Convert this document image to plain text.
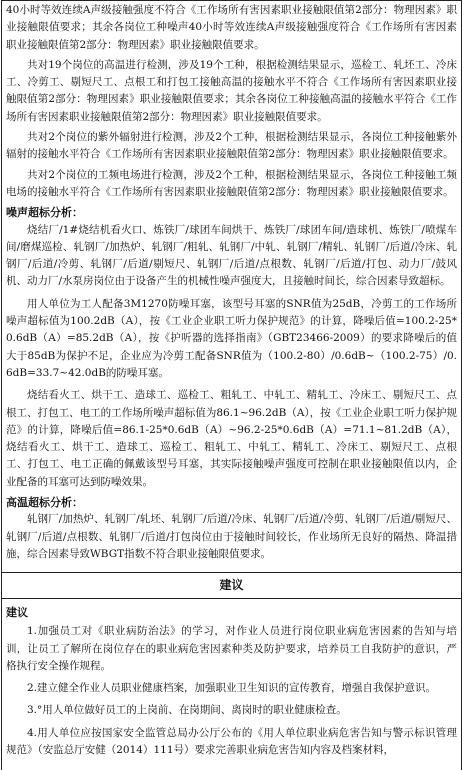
40小时等效连续A声级接触强度不符合《工作场所有害因素职业接触限值第2部分：物理因素》职业接触限值要求；其余各岗位工种噪声40小时等效连续A声级接触强度符合《工作场所有害因素职业接触限值第2部分：物理因素》职业接触限值要求。

共对19个岗位的高温进行检测，涉及19个工种，根据检测结果显示，巡检工、轧坯工、冷床工、冷剪工、剔短尺工、点根工和打包工接触高温的接触水平不符合《工作场所有害因素职业接触限值第2部分：物理因素》职业接触限值要求；其余各岗位工种接触高温的接触水平符合《工作场所有害因素职业接触限值第2部分：物理因素》职业接触限值要求。

共对2个岗位的紫外辐射进行检测，涉及2个工种，根据检测结果显示，各岗位工种接触紫外辐射的接触水平符合《工作场所有害因素职业接触限值第2部分：物理因素》职业接触限值要求。

共对2个岗位的工频电场进行检测，涉及2个工种，根据检测结果显示，各岗位工种接触工频电场的接触水平符合《工作场所有害因素职业接触限值第2部分：物理因素》职业接触限值要求。

噪声超标分析：

烧结厂/1#烧结机看火口、炼铁厂/球团车间烘干、炼铁厂/球团车间/造球机、炼铁厂/喷煤车间/磨煤巡检、轧钢厂/加热炉、轧钢厂/粗轧、轧钢厂/中轧、轧钢厂/精轧、轧钢厂/后道/冷床、轧钢厂/后道/冷剪、轧钢厂/后道/剔短尺、轧钢厂/后道/点根数、轧钢厂/后道/打包、动力厂/鼓风机、动力厂/水泵房岗位由于设备产生的机械性噪声强度大，且接触时间长，综合因素导致超标。

用人单位为工人配备3M1270防噪耳塞，该型号耳塞的SNR值为25dB，冷剪工的工作场所噪声超标值为100.2dB（A），按《工业企业职工听力保护规范》的计算，降噪后值=100.2-25*0.6dB（A）=85.2dB（A），按《护听器的选择指南》（GBT23466-2009）的要求降噪后的值大于85dB为保护不足，企业应为冷剪工配备SNR值为（100.2-80）/0.6dB~（100.2-75）/0.6dB=33.7~42.0dB的防噪耳塞。

烧结看火工、烘干工、造球工、巡检工、粗轧工、中轧工、精轧工、冷床工、剔短尺工、点根工、打包工、电工的工作场所噪声超标值为86.1~96.2dB（A），按《工业企业职工听力保护规范》的计算，降噪后值=86.1-25*0.6dB（A）~96.2-25*0.6dB（A）=71.1~81.2dB（A），烧结看火工、烘干工、造球工、巡检工、粗轧工、中轧工、精轧工、冷床工、剔短尺工、点根工、打包工、电工正确的佩戴该型号耳塞，其实际接触噪声强度可控制在职业接触限值以内，企业配备的耳塞可达到防噪效果。

高温超标分析：

轧钢厂/加热炉、轧钢厂/轧坯、轧钢厂/后道/冷床、轧钢厂/后道/冷剪、轧钢厂/后道/剔短尺、轧钢厂/后道/点根数、轧钢厂/后道/打包岗位由于接触时间较长，作业场所无良好的隔热、降温措施，综合因素导致WBGT指数不符合职业接触限值要求。

建议

建议

1.加强员工对《职业病防治法》的学习，对作业人员进行岗位职业病危害因素的告知与培训，让员工了解所在岗位存在的职业病危害因素种类及防护要求，培养员工自我防护的意识，严格执行安全操作规程。

2.建立健全作业人员职业健康档案，加强职业卫生知识的宣传教育，增强自我保护意识。

3.°用人单位做好员工的上岗前、在岗期间、离岗时的职业健康检查。

4.用人单位应按国家安全监管总局办公厅公布的《用人单位职业病危害告知与警示标识管理规范》（安监总厅安健（2014）111号）要求完善职业病危害告知内容及档案材料，
